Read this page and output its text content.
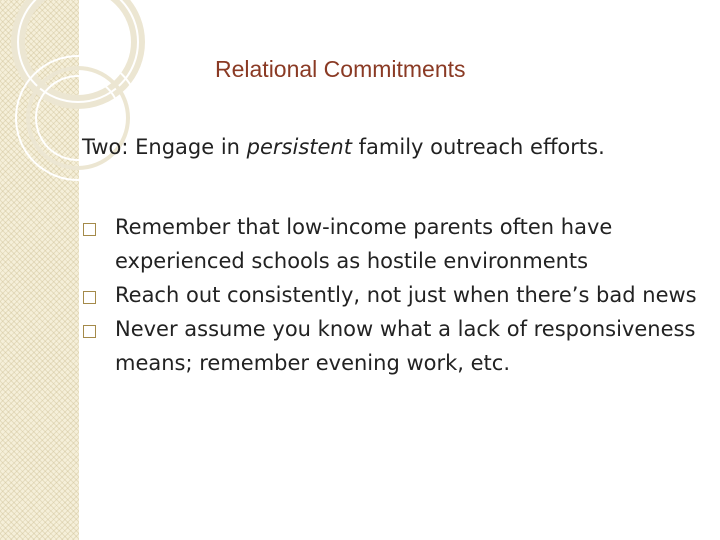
Relational Commitments
Two: Engage in persistent family outreach efforts.
Remember that low-income parents often have experienced schools as hostile environments
Reach out consistently, not just when there’s bad news
Never assume you know what a lack of responsiveness means; remember evening work, etc.
